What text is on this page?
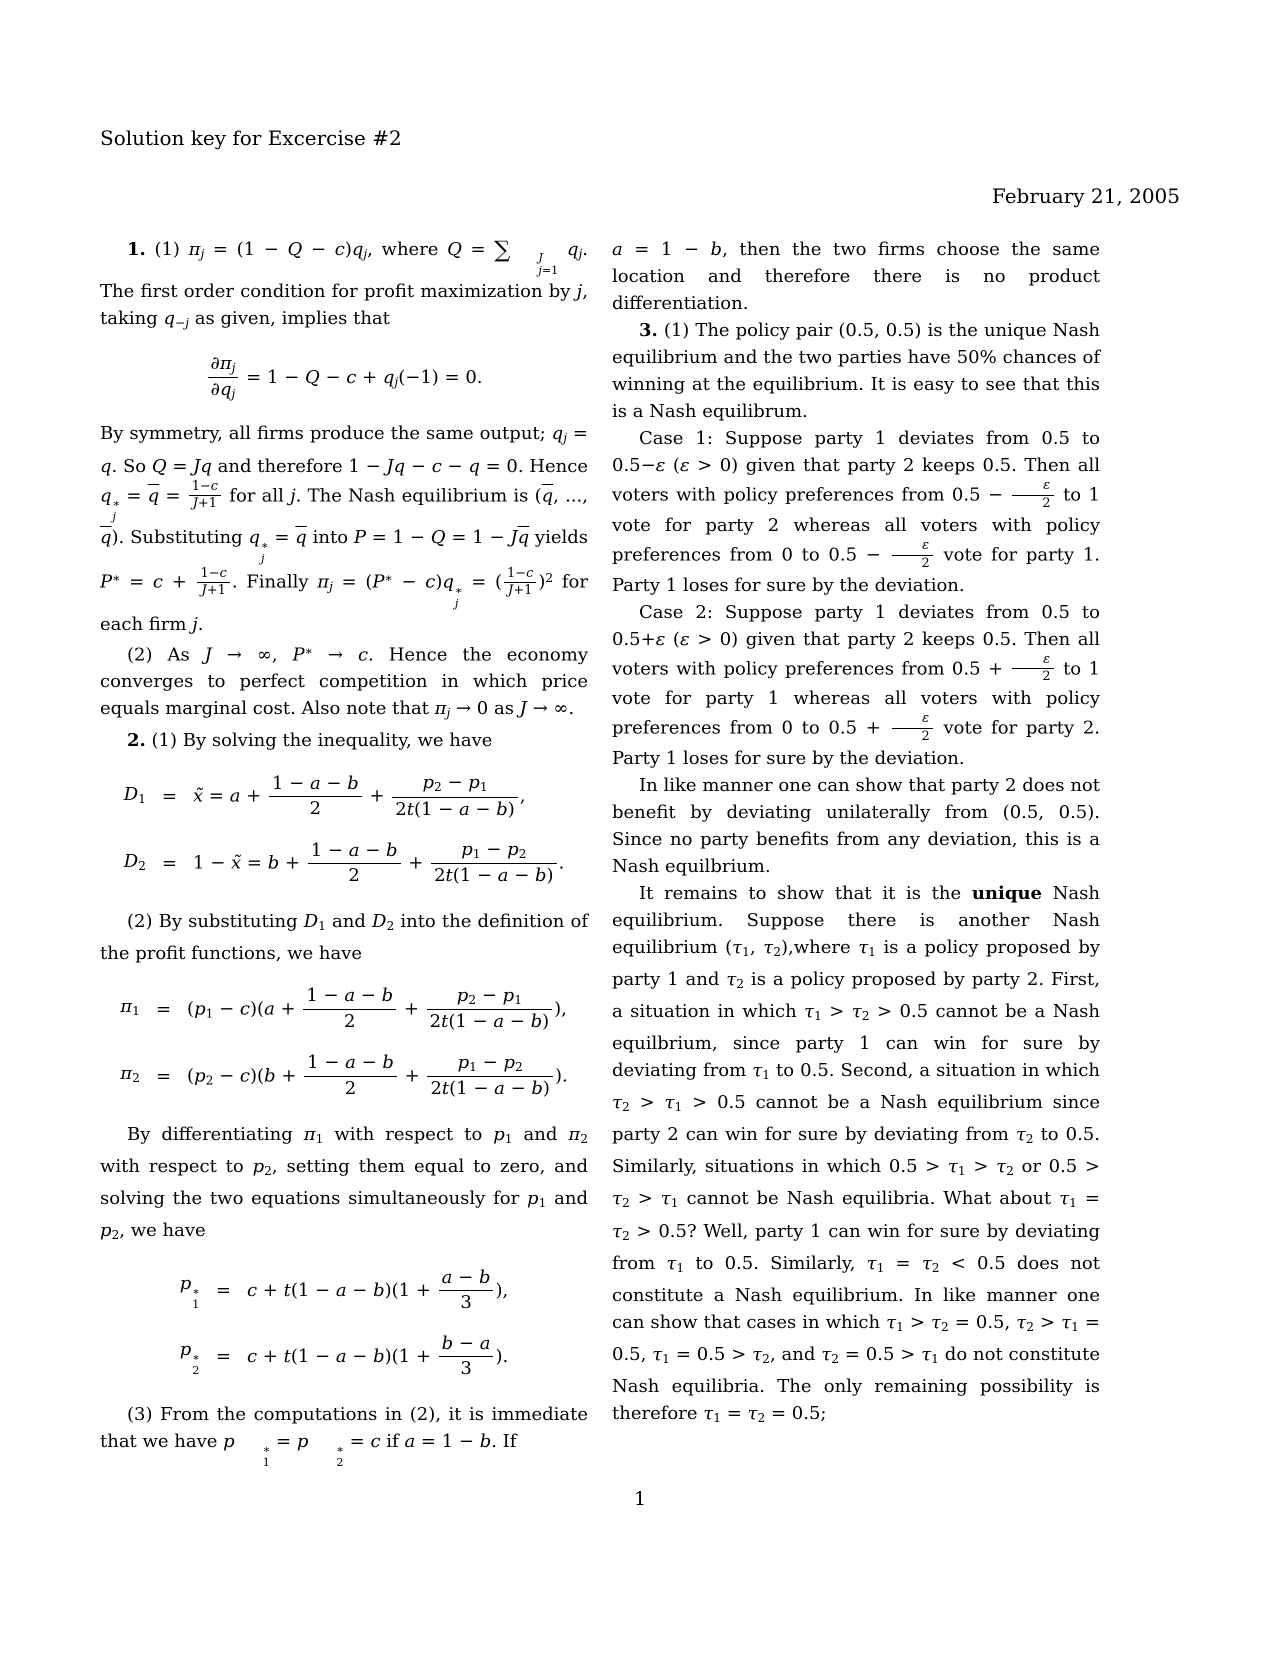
Solution key for Excercise #2
February 21, 2005
1. (1) $\pi_j = (1 - Q - c)q_j$, where Q = ∑	J
j=1
$q_j$. The first order condition for profit maximization by j, taking $q_{-j}$ as given, implies that
$\frac{\partial\pi_j}{\partial q_j} = 1 - Q - c + q_j(-1) = 0$.
By symmetry, all firms produce the same output; $q_j = q$. So Q = Jq and therefore 1 − Jq − c − q = 0. Hence q ∗
j
= $\overline{q} = \frac{1-c}{J+1}$ for all j. The Nash equilibrium is ($\overline{q}$, ..., $\overline{q}$). Substituting q ∗
j
= $\overline{q}$ into $P = 1 - Q = 1 - J\overline{q}$ yields $P^∗ = c + \frac{1-c}{J+1}$ . Finally $\pi_j = (P^∗ - c)q$ ∗
j
= ( $\frac{1-c}{J+1} )^2$ for each firm j.
(2) As J → ∞, P∗ → c. Hence the economy converges to perfect competition in which price equals marginal cost. Also note that $\pi_j \to 0$ as J → ∞.
2. (1) By solving the inequality, we have
$D_1$ = x̃ = $a + \frac{1 - a - b}{2} + \frac{p_2 - p_1}{2t(1 - a - b)}$ ,
$D_2 = 1$ − x̃ = $b + \frac{1 - a - b}{2} + \frac{p_1 - p_2}{2t(1 - a - b)}$ .
(2) By substituting $D_1$ and $D_2$ into the definition of the profit functions, we have
$\pi_1 = (p_1 - c)(a + \frac{1 - a - b}{2} + \frac{p_2 - p_1}{2t(1 - a - b)}$ ),
$\pi_2 = (p_2 - c)(b + \frac{1 - a - b}{2} + \frac{p_1 - p_2}{2t(1 - a - b)}$ ).
By differentiating $\pi_1$ with respect to $p_1$ and $\pi_2$ with respect to $p_2$, setting them equal to zero, and solving the two equations simultaneously for $p_1$ and $p_2$, we have
p ∗
1
= $c + t(1 - a - b)(1 + \frac{a - b}{3}$ ),
p ∗
2
= $c + t(1 - a - b)(1 + \frac{b - a}{3}$ ).
(3) From the computations in (2), it is immediate that we have p	∗
1
= p	∗
2
= c if a = 1 − b. If
a = 1 − b, then the two firms choose the same location and therefore there is no product differentiation.
3. (1) The policy pair (0.5, 0.5) is the unique Nash equilibrium and the two parties have 50% chances of winning at the equilibrium. It is easy to see that this is a Nash equilibrum.
Case 1: Suppose party 1 deviates from 0.5 to 0.5−ε (ε > 0) given that party 2 keeps 0.5. Then all voters with policy preferences from $0.5 - \frac{\varepsilon}{2}$ to 1 vote for party 2 whereas all voters with policy preferences from 0 to $0.5 - \frac{\varepsilon}{2}$ vote for party 1. Party 1 loses for sure by the deviation.
Case 2: Suppose party 1 deviates from 0.5 to 0.5+ε (ε > 0) given that party 2 keeps 0.5. Then all voters with policy preferences from $0.5 + \frac{\varepsilon}{2}$ to 1 vote for party 1 whereas all voters with policy preferences from 0 to $0.5 + \frac{\varepsilon}{2}$ vote for party 2. Party 1 loses for sure by the deviation.
In like manner one can show that party 2 does not benefit by deviating unilaterally from (0.5, 0.5). Since no party benefits from any deviation, this is a Nash equilbrium.
It remains to show that it is the unique Nash equilibrium. Suppose there is another Nash equilibrium ($\tau_1$, $\tau_2),where$ $\tau_1$ is a policy proposed by party 1 and $\tau_2$ is a policy proposed by party 2. First, a situation in which $\tau_1 > \tau_2 > 0.5$ cannot be a Nash equilbrium, since party 1 can win for sure by deviating from $\tau_1$ to 0.5. Second, a situation in which $\tau_2 > \tau_1 > 0.5$ cannot be a Nash equilibrium since party 2 can win for sure by deviating from $\tau_2$ to 0.5. Similarly, situations in which $0.5 > \tau_1 > \tau_2$ or $0.5 > \tau_2 > \tau_1$ cannot be Nash equilibria. What about $\tau_1 = \tau_2 > 0.5$? Well, party 1 can win for sure by deviating from $\tau_1$ to 0.5. Similarly, $\tau_1 = \tau_2 < 0.5$ does not constitute a Nash equilibrium. In like manner one can show that cases in which $\tau_1 > \tau_2 = 0.5$, $\tau_2 > \tau_1 = 0.5$, $\tau_1 = 0.5 > \tau_2$, and $\tau_2 = 0.5 > \tau_1$ do not constitute Nash equilibria. The only remaining possibility is therefore $\tau_1 = \tau_2 = 0.5$;
1
